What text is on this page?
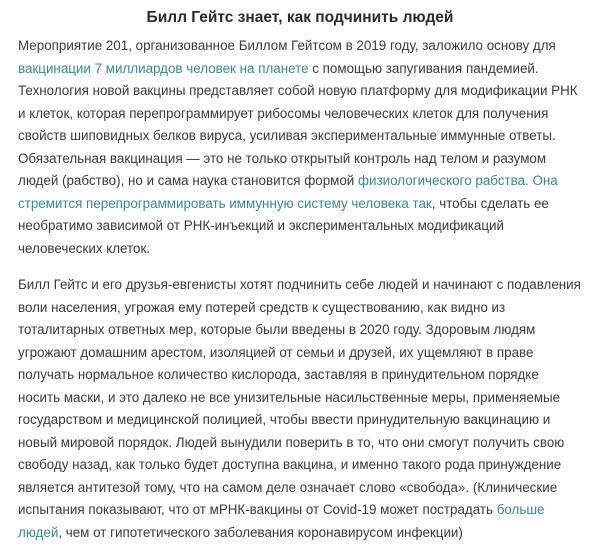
Билл Гейтс знает, как подчинить людей

Мероприятие 201, организованное Биллом Гейтсом в 2019 году, заложило основу для вакцинации 7 миллиардов человек на планете с помощью запугивания пандемией. Технология новой вакцины представляет собой новую платформу для модификации РНК и клеток, которая перепрограммирует рибосомы человеческих клеток для получения свойств шиповидных белков вируса, усиливая экспериментальные иммунные ответы. Обязательная вакцинация — это не только открытый контроль над телом и разумом людей (рабство), но и сама наука становится формой физиологического рабства. Она стремится перепрограммировать иммунную систему человека так, чтобы сделать ее необратимо зависимой от РНК-инъекций и экспериментальных модификаций человеческих клеток.

Билл Гейтс и его друзья-евгенисты хотят подчинить себе людей и начинают с подавления воли населения, угрожая ему потерей средств к существованию, как видно из тоталитарных ответных мер, которые были введены в 2020 году. Здоровым людям угрожают домашним арестом, изоляцией от семьи и друзей, их ущемляют в праве получать нормальное количество кислорода, заставляя в принудительном порядке носить маски, и это далеко не все унизительные насильственные меры, применяемые государством и медицинской полицией, чтобы ввести принудительную вакцинацию и новый мировой порядок. Людей вынудили поверить в то, что они смогут получить свою свободу назад, как только будет доступна вакцина, и именно такого рода принуждение является антитезой тому, что на самом деле означает слово «свобода». (Клинические испытания показывают, что от мРНК-вакцины от Covid-19 может пострадать больше людей, чем от гипотетического заболевания коронавирусом инфекции)
